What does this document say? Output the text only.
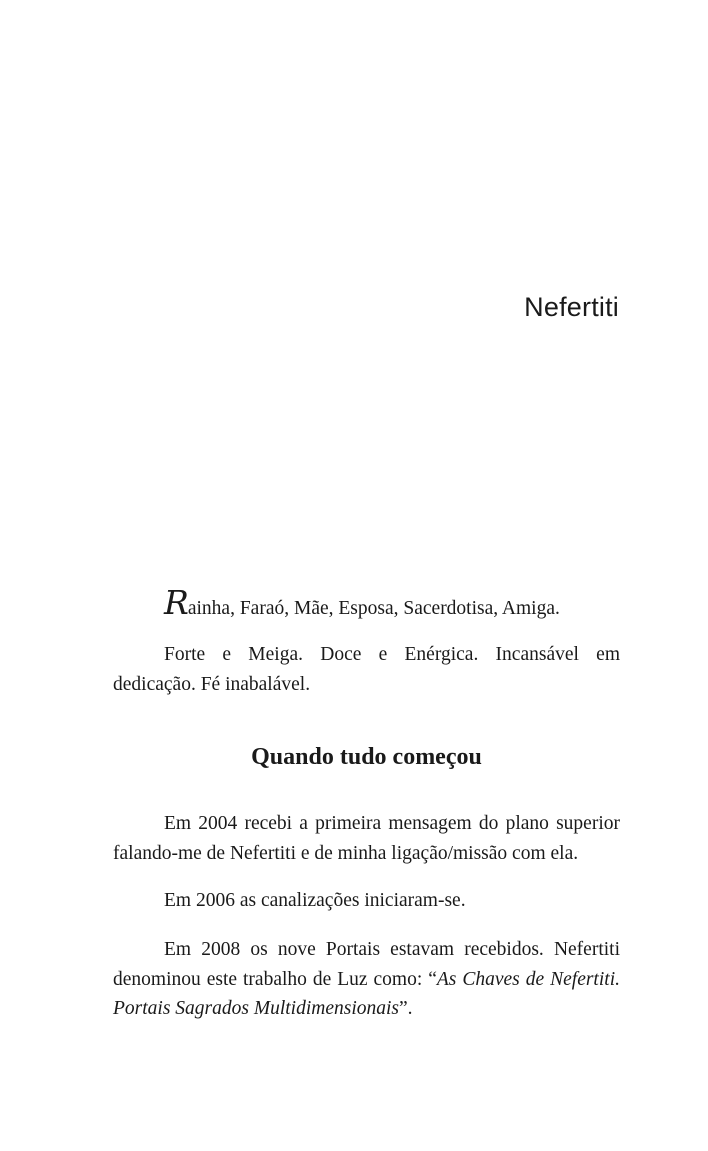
Nefertiti

Rainha, Faraó, Mãe, Esposa, Sacerdotisa, Amiga.

Forte e Meiga. Doce e Enérgica. Incansável em dedicação. Fé inabalável.

Quando tudo começou

Em 2004 recebi a primeira mensagem do plano superior falando-me de Nefertiti e de minha ligação/missão com ela.

Em 2006 as canalizações iniciaram-se.

Em 2008 os nove Portais estavam recebidos. Nefertiti denominou este trabalho de Luz como: “As Chaves de Nefertiti. Portais Sagrados Multidimensionais”.
